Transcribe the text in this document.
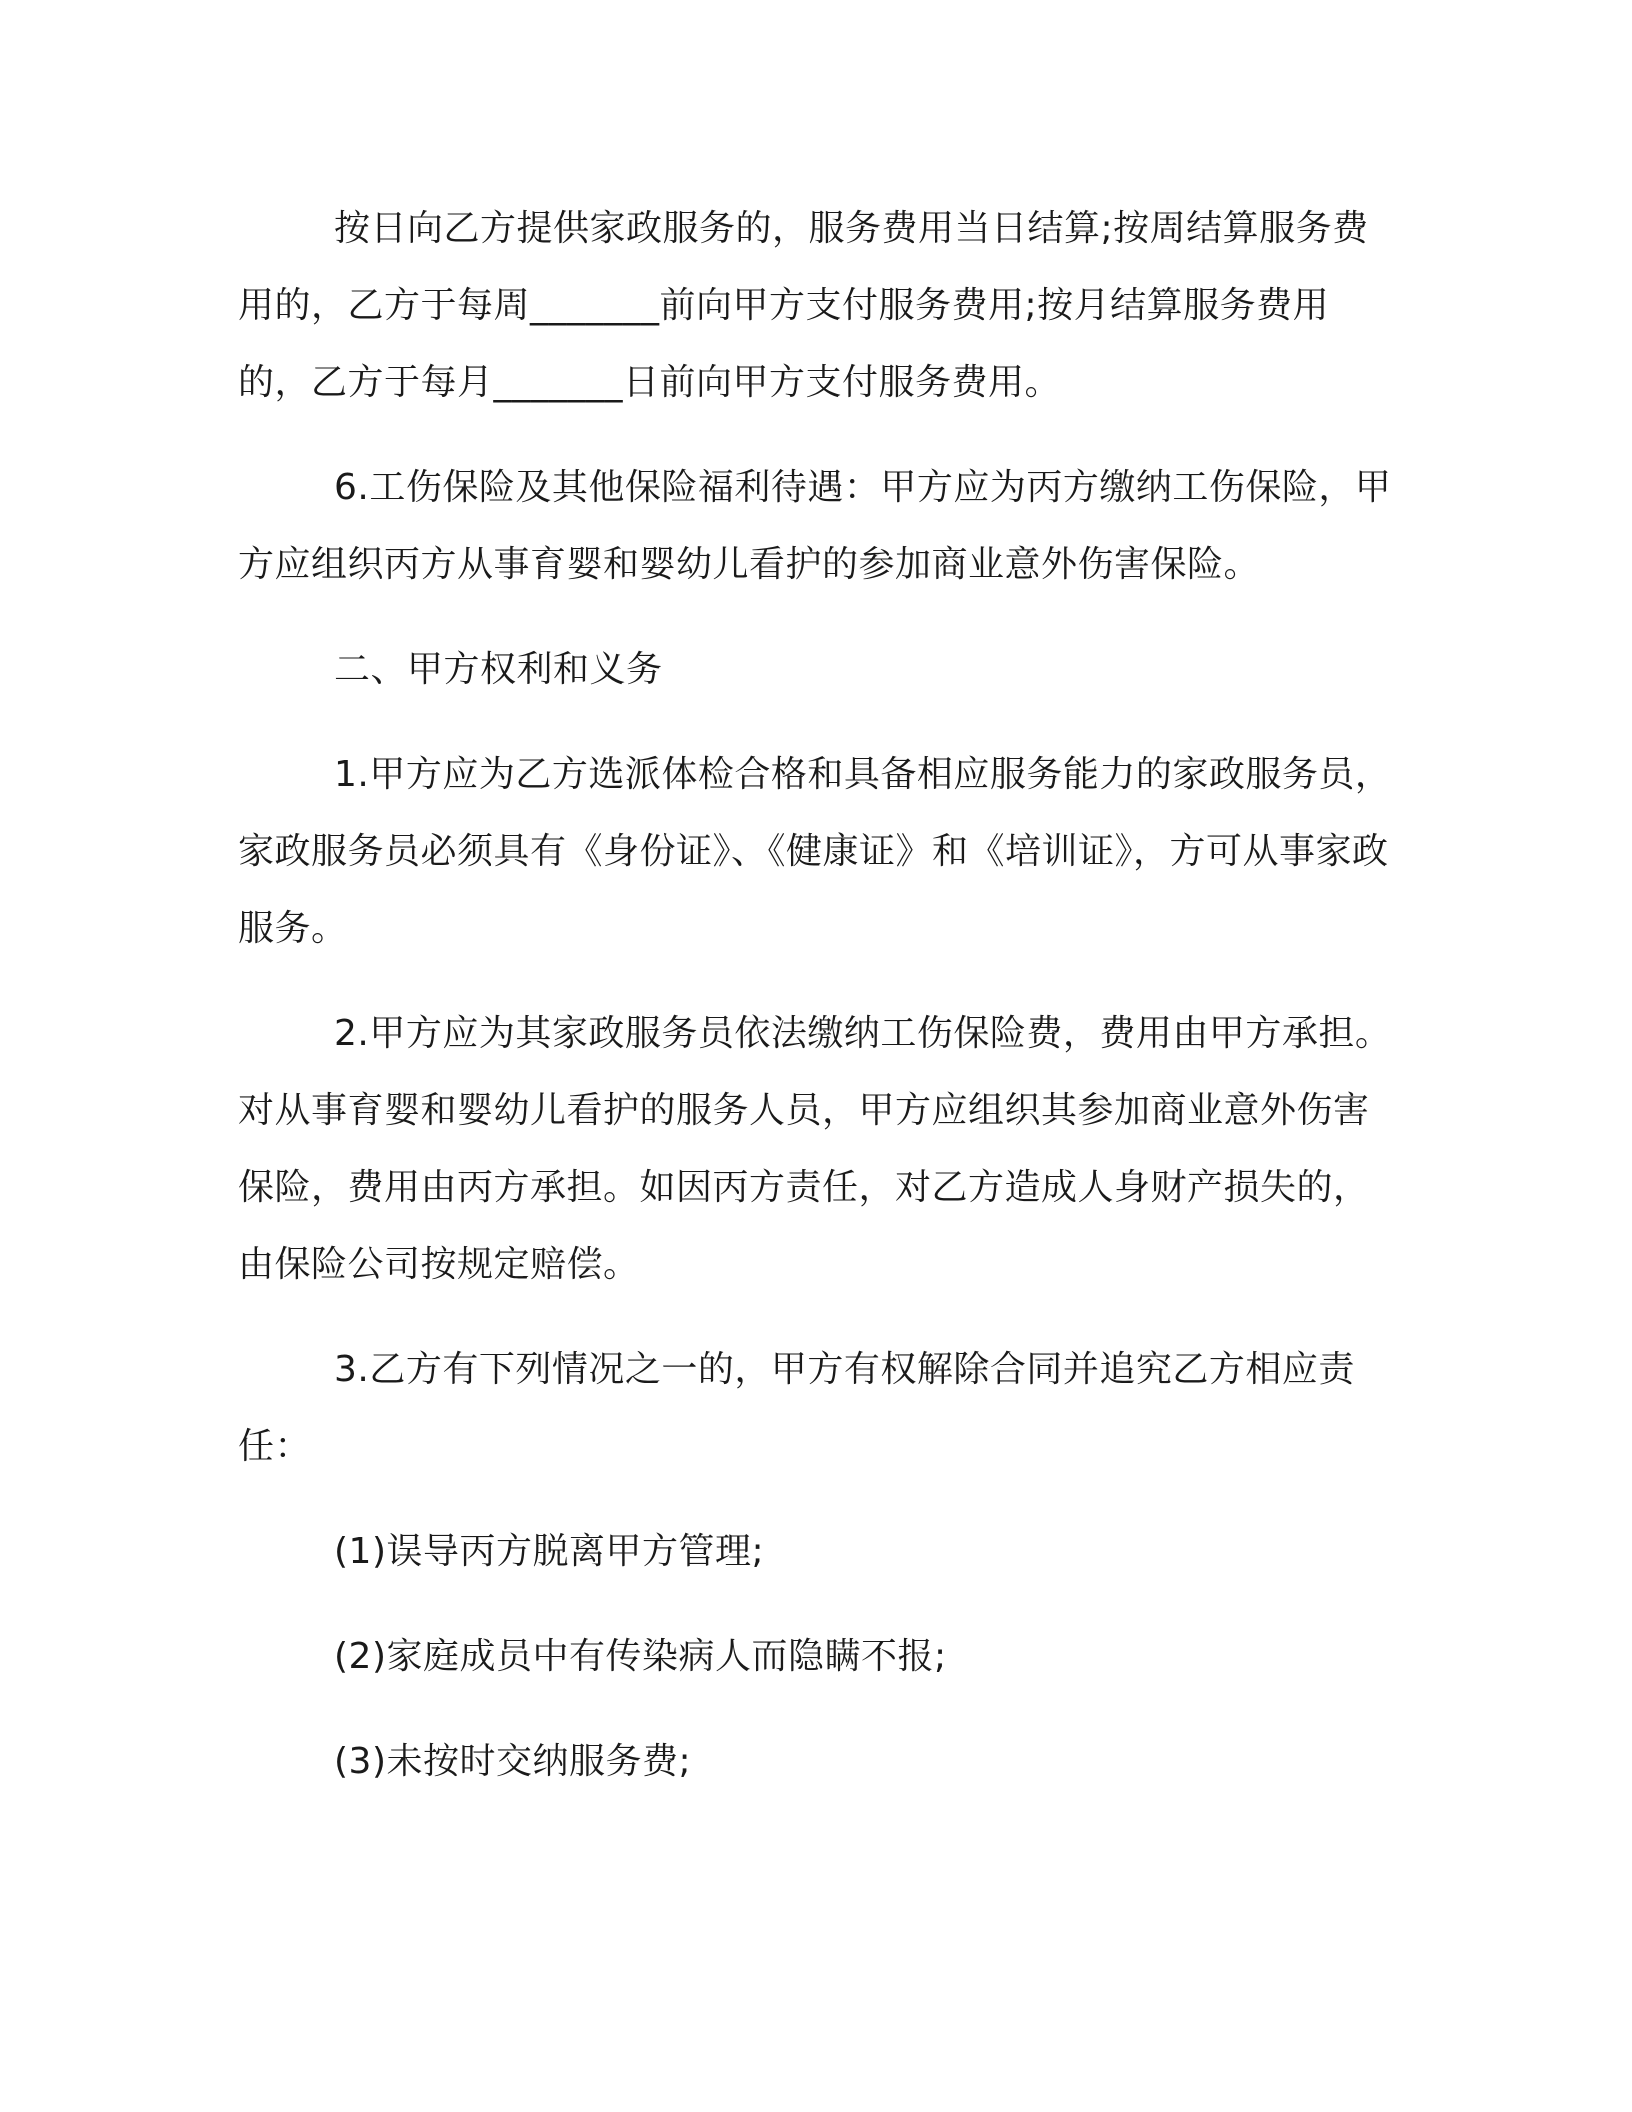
按日向乙方提供家政服务的，服务费用当日结算;按周结算服务费用的，乙方于每周_______前向甲方支付服务费用;按月结算服务费用的，乙方于每月_______日前向甲方支付服务费用。

6.工伤保险及其他保险福利待遇：甲方应为丙方缴纳工伤保险，甲方应组织丙方从事育婴和婴幼儿看护的参加商业意外伤害保险。

二、甲方权利和义务

1.甲方应为乙方选派体检合格和具备相应服务能力的家政服务员，家政服务员必须具有《身份证》、《健康证》和《培训证》，方可从事家政服务。

2.甲方应为其家政服务员依法缴纳工伤保险费，费用由甲方承担。对从事育婴和婴幼儿看护的服务人员，甲方应组织其参加商业意外伤害保险，费用由丙方承担。如因丙方责任，对乙方造成人身财产损失的，由保险公司按规定赔偿。

3.乙方有下列情况之一的，甲方有权解除合同并追究乙方相应责任：

(1)误导丙方脱离甲方管理;

(2)家庭成员中有传染病人而隐瞒不报;

(3)未按时交纳服务费;
